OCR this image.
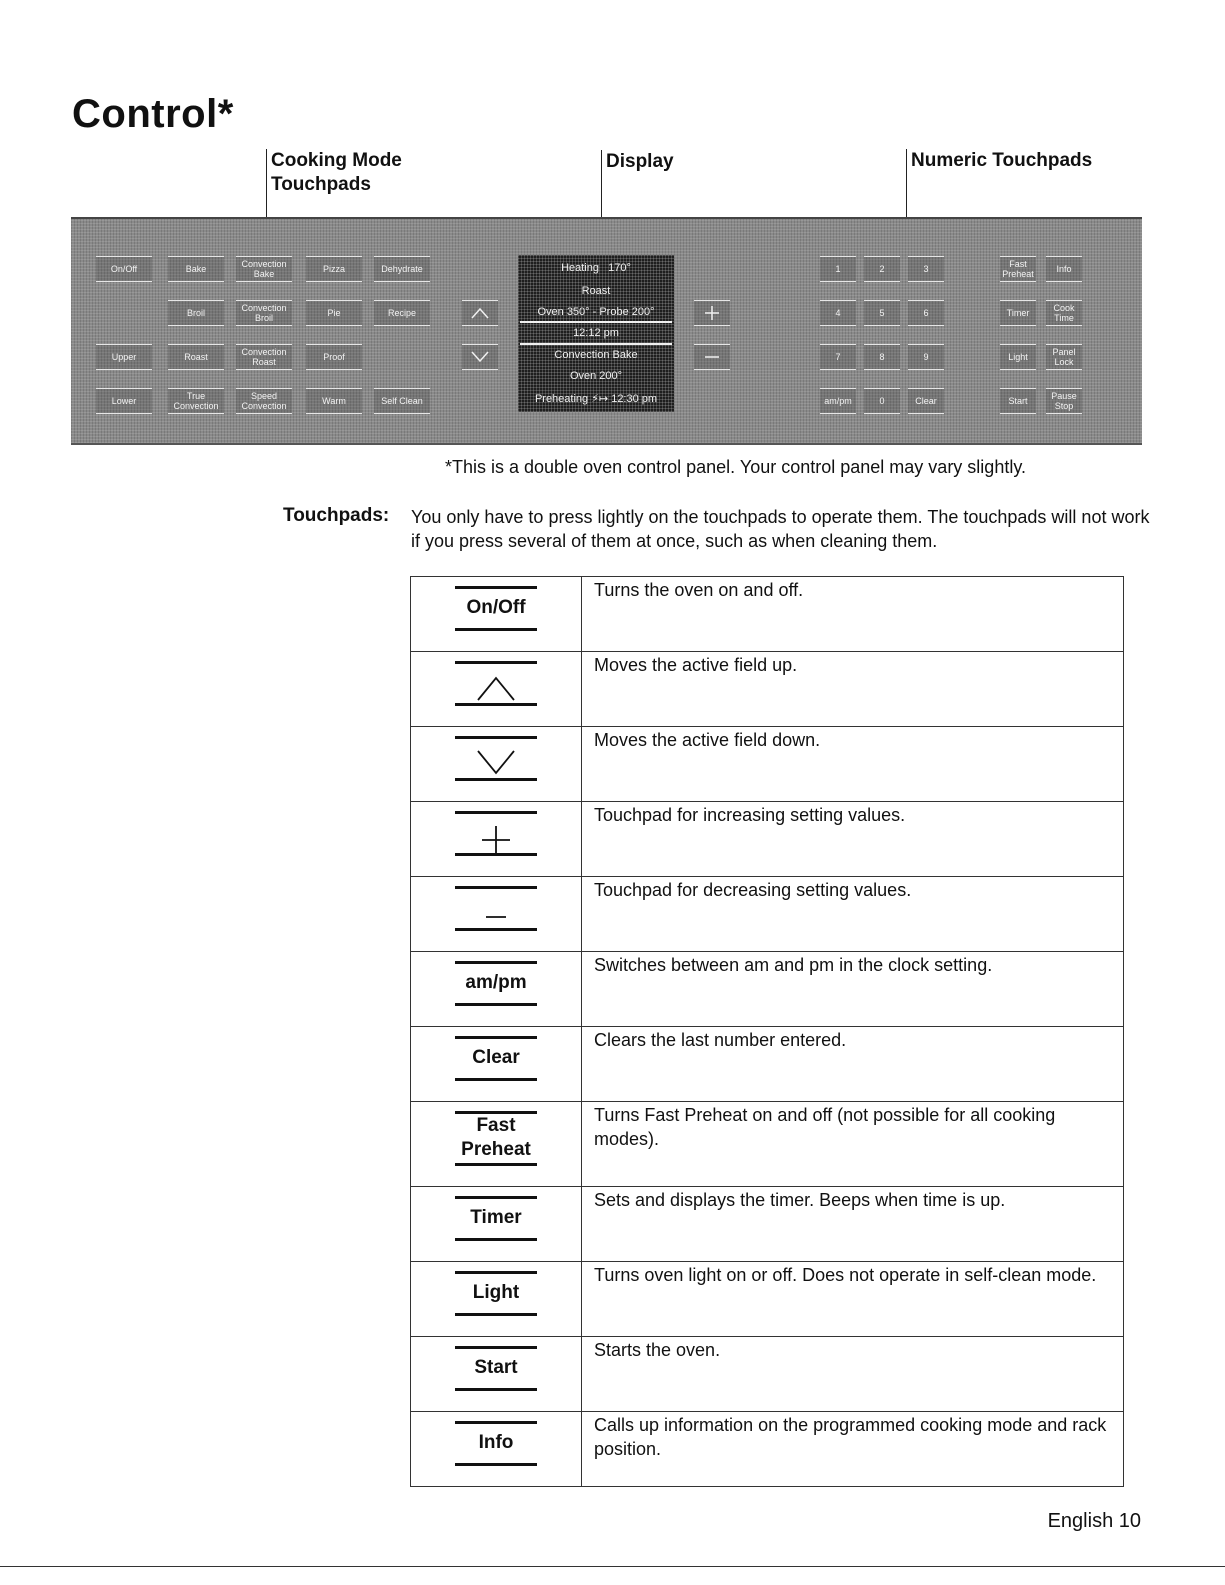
Control*
Cooking Mode
Touchpads
Display	Numeric Touchpads
On/Off
Upper
Lower
Bake
Broil
Roast
True Convection
Convection Bake
Convection Broil
Convection Roast
Speed Convection
Pizza
Pie
Proof
Warm
Dehydrate
Recipe
Self Clean
Heating 170°
Roast
Oven 350° - Probe 200°
12:12 pm
Convection Bake
Oven 200°
Preheating ⚡↦ 12:30 pm
1	2	3
4	5	6
7	8	9
am/pm	0	Clear
Fast Preheat
Timer
Light
Start
Info
Cook Time
Panel Lock
Pause Stop
*This is a double oven control panel. Your control panel may vary slightly.
Touchpads: You only have to press lightly on the touchpads to operate them. The touchpads will not work if you press several of them at once, such as when cleaning them.
On/Off	Turns the oven on and off.

	Moves the active field up.

	Moves the active field down.

	Touchpad for increasing setting values.

	Touchpad for decreasing setting values.

am/pm	Switches between am and pm in the clock setting.

Clear	Clears the last number entered.

Fast Preheat	Turns Fast Preheat on and off (not possible for all cooking modes).

Timer	Sets and displays the timer. Beeps when time is up.

Light	Turns oven light on or off. Does not operate in self-clean mode.

Start	Starts the oven.

Info	Calls up information on the programmed cooking mode and rack position.
English 10
